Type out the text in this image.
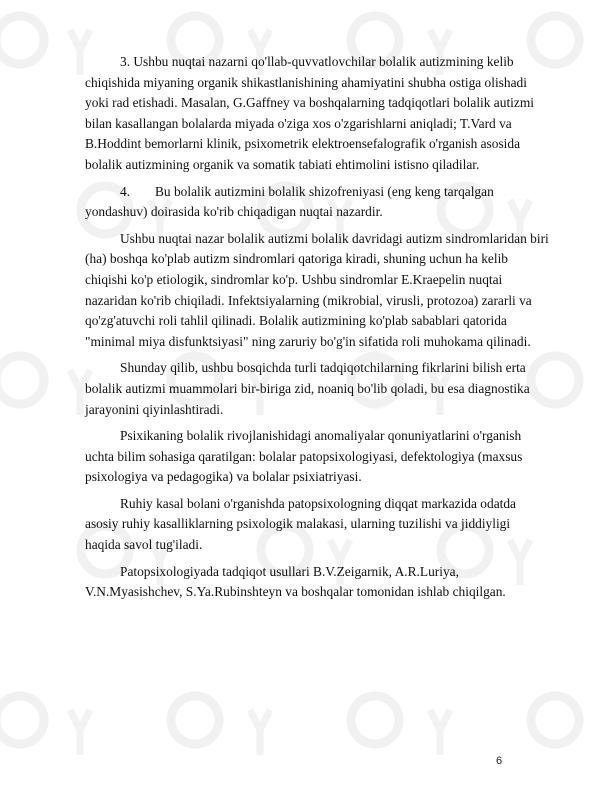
3. Ushbu nuqtai nazarni qo'llab-quvvatlovchilar bolalik autizmining kelib
chiqishida miyaning organik shikastlanishining ahamiyatini shubha ostiga olishadi
yoki rad etishadi. Masalan, G.Gaffney va boshqalarning tadqiqotlari bolalik autizmi
bilan kasallangan bolalarda miyada o'ziga xos o'zgarishlarni aniqladi; T.Vard va
B.Hoddint bemorlarni klinik, psixometrik elektroensefalografik o'rganish asosida
bolalik autizmining organik va somatik tabiati ehtimolini istisno qiladilar.

4. Bu bolalik autizmini bolalik shizofreniyasi (eng keng tarqalgan
yondashuv) doirasida ko'rib chiqadigan nuqtai nazardir.

Ushbu nuqtai nazar bolalik autizmi bolalik davridagi autizm sindromlaridan biri
(ha) boshqa ko'plab autizm sindromlari qatoriga kiradi, shuning uchun ha kelib
chiqishi ko'p etiologik, sindromlar ko'p. Ushbu sindromlar E.Kraepelin nuqtai
nazaridan ko'rib chiqiladi. Infektsiyalarning (mikrobial, virusli, protozoa) zararli va
qo'zg'atuvchi roli tahlil qilinadi. Bolalik autizmining ko'plab sabablari qatorida
"minimal miya disfunktsiyasi" ning zaruriy bo'g'in sifatida roli muhokama qilinadi.

Shunday qilib, ushbu bosqichda turli tadqiqotchilarning fikrlarini bilish erta
bolalik autizmi muammolari bir-biriga zid, noaniq bo'lib qoladi, bu esa diagnostika
jarayonini qiyinlashtiradi.

Psixikaning bolalik rivojlanishidagi anomaliyalar qonuniyatlarini o'rganish
uchta bilim sohasiga qaratilgan: bolalar patopsixologiyasi, defektologiya (maxsus
psixologiya va pedagogika) va bolalar psixiatriyasi.

Ruhiy kasal bolani o'rganishda patopsixologning diqqat markazida odatda
asosiy ruhiy kasalliklarning psixologik malakasi, ularning tuzilishi va jiddiyligi
haqida savol tug'iladi.

Patopsixologiyada tadqiqot usullari B.V.Zeigarnik, A.R.Luriya,
V.N.Myasishchev, S.Ya.Rubinshteyn va boshqalar tomonidan ishlab chiqilgan.

6
